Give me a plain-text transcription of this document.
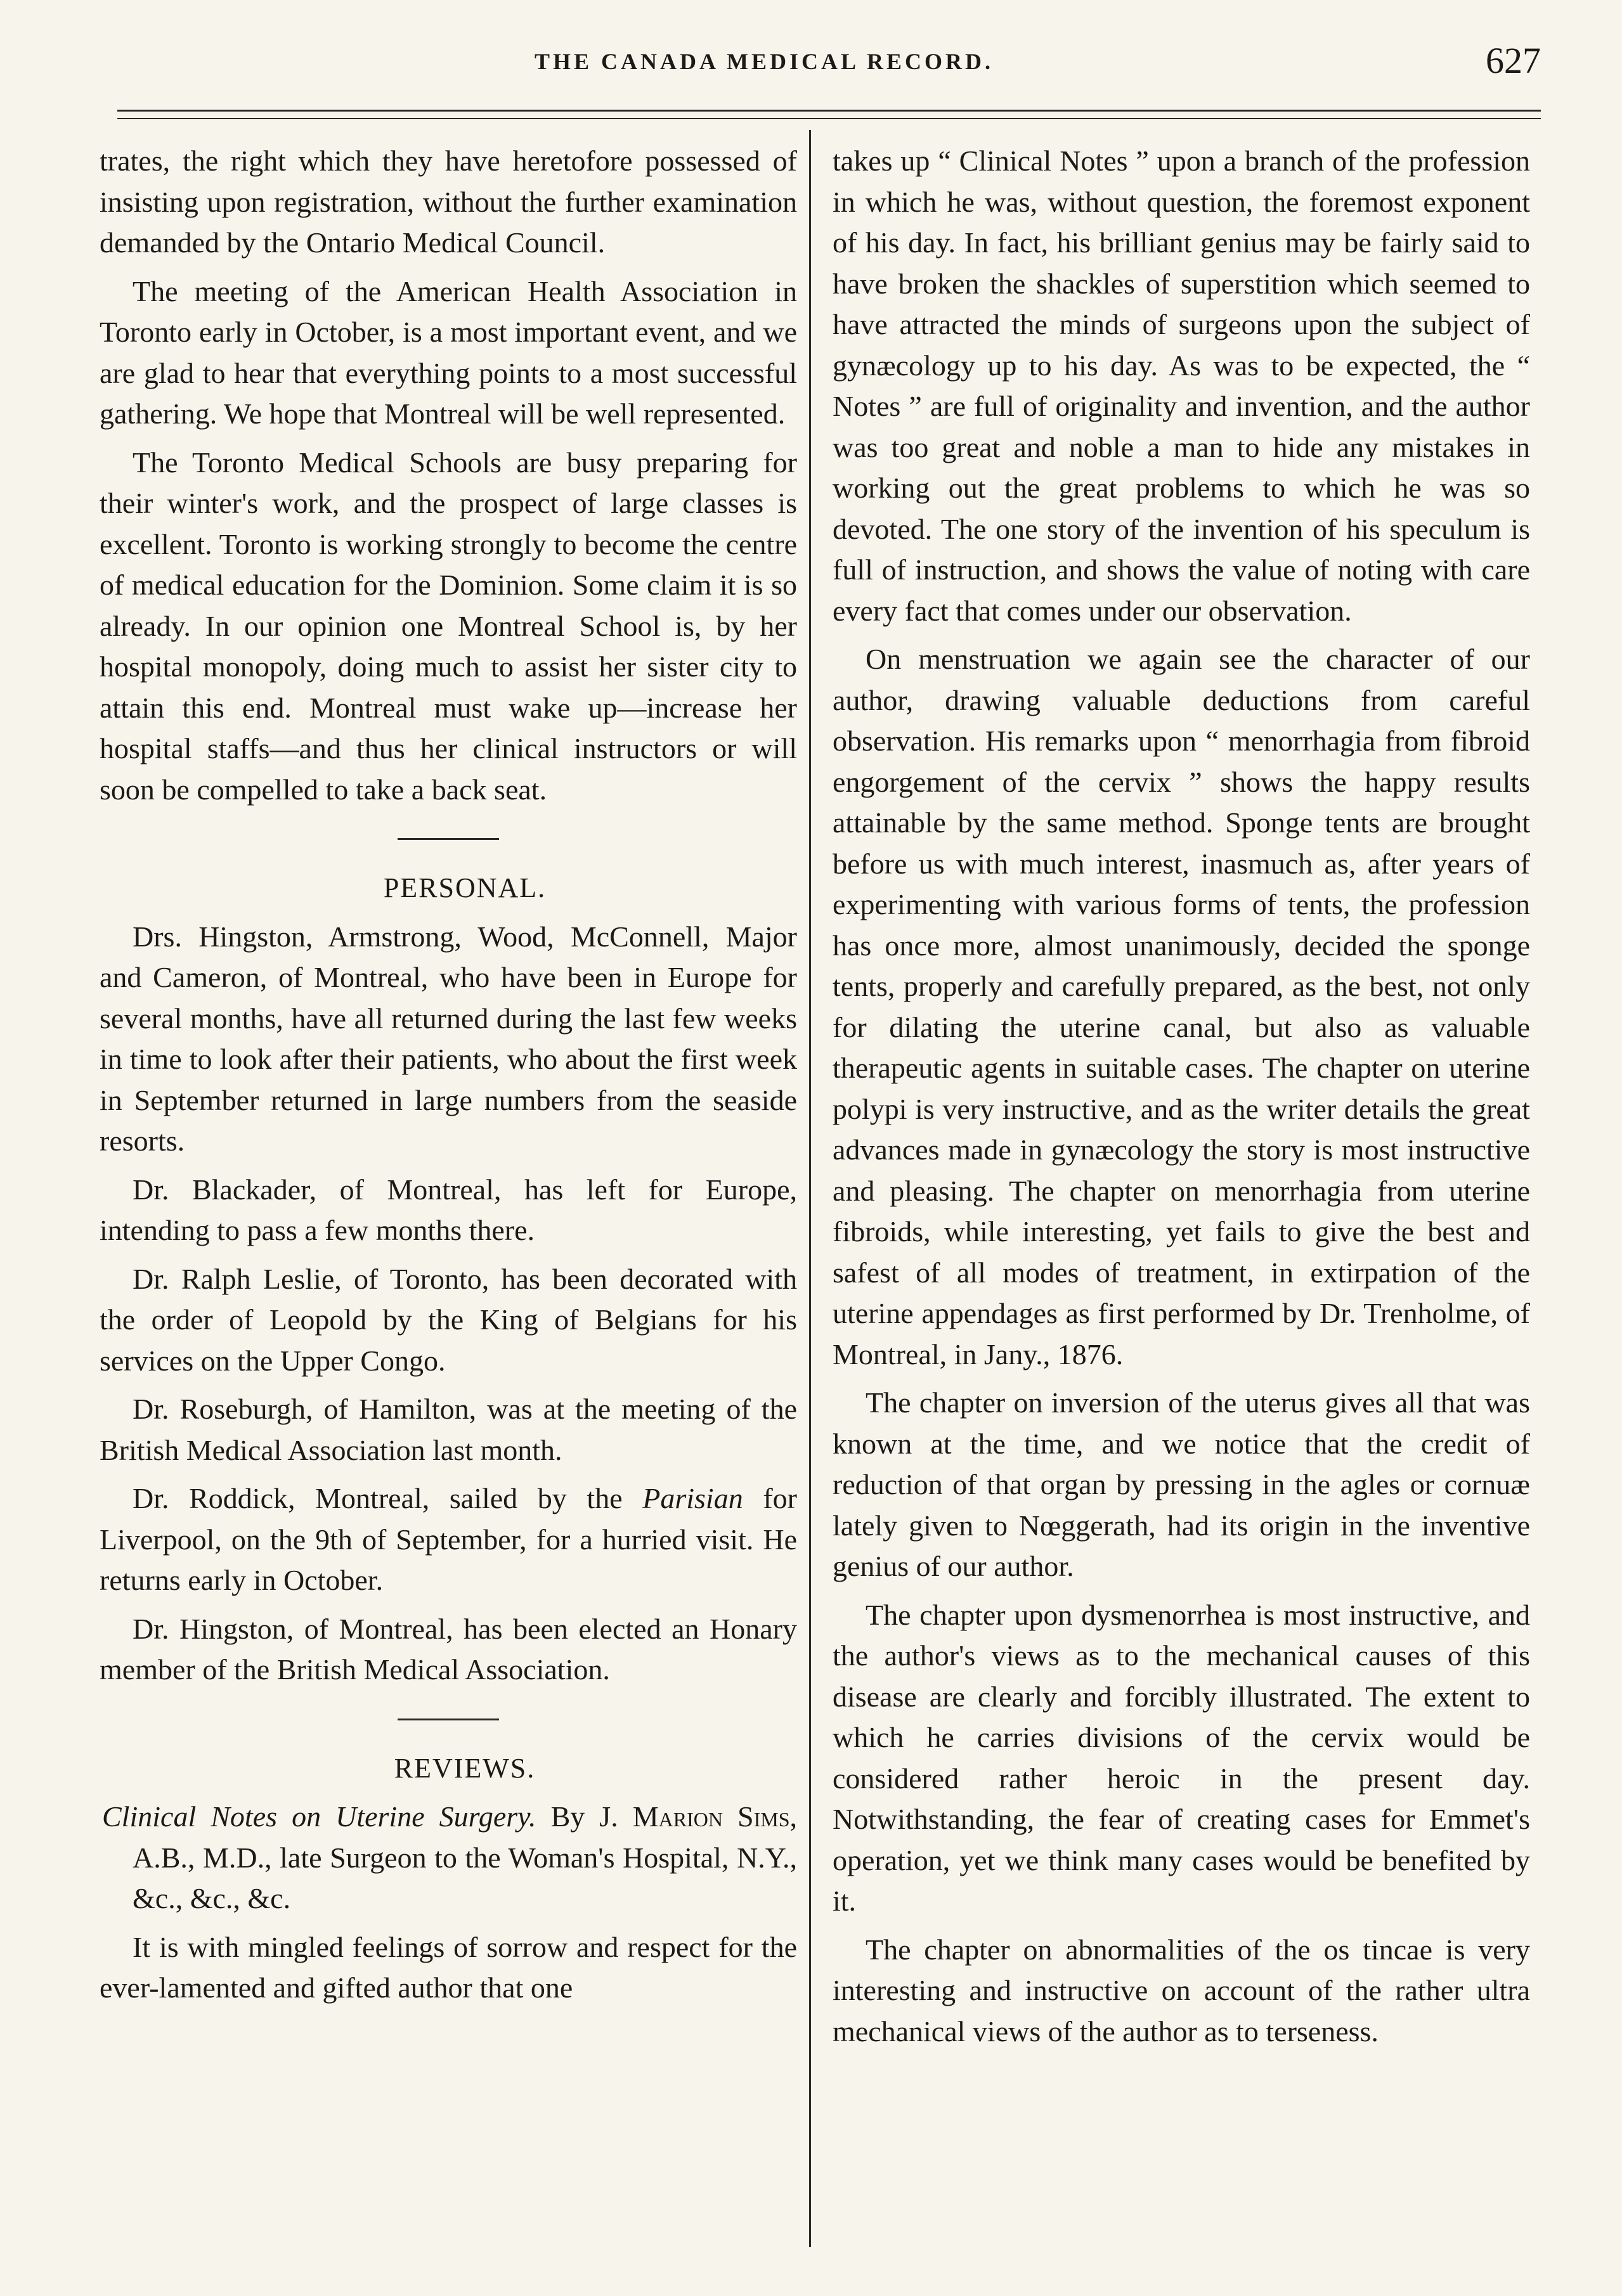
THE CANADA MEDICAL RECORD.	627

trates, the right which they have heretofore possessed of insisting upon registration, without the further examination demanded by the Ontario Medical Council.

The meeting of the American Health Association in Toronto early in October, is a most important event, and we are glad to hear that everything points to a most successful gathering. We hope that Montreal will be well represented.

The Toronto Medical Schools are busy preparing for their winter's work, and the prospect of large classes is excellent. Toronto is working strongly to become the centre of medical education for the Dominion. Some claim it is so already. In our opinion one Montreal School is, by her hospital monopoly, doing much to assist her sister city to attain this end. Montreal must wake up—increase her hospital staffs—and thus her clinical instructors or will soon be compelled to take a back seat.

PERSONAL.

Drs. Hingston, Armstrong, Wood, McConnell, Major and Cameron, of Montreal, who have been in Europe for several months, have all returned during the last few weeks in time to look after their patients, who about the first week in September returned in large numbers from the seaside resorts.

Dr. Blackader, of Montreal, has left for Europe, intending to pass a few months there.

Dr. Ralph Leslie, of Toronto, has been decorated with the order of Leopold by the King of Belgians for his services on the Upper Congo.

Dr. Roseburgh, of Hamilton, was at the meeting of the British Medical Association last month.

Dr. Roddick, Montreal, sailed by the Parisian for Liverpool, on the 9th of September, for a hurried visit. He returns early in October.

Dr. Hingston, of Montreal, has been elected an Honary member of the British Medical Association.

REVIEWS.

Clinical Notes on Uterine Surgery. By J. Marion Sims, A.B., M.D., late Surgeon to the Woman's Hospital, N.Y., &c., &c., &c.

It is with mingled feelings of sorrow and respect for the ever-lamented and gifted author that one

takes up “ Clinical Notes ” upon a branch of the profession in which he was, without question, the foremost exponent of his day. In fact, his brilliant genius may be fairly said to have broken the shackles of superstition which seemed to have attracted the minds of surgeons upon the subject of gynæcology up to his day. As was to be expected, the “ Notes ” are full of originality and invention, and the author was too great and noble a man to hide any mistakes in working out the great problems to which he was so devoted. The one story of the invention of his speculum is full of instruction, and shows the value of noting with care every fact that comes under our observation.

On menstruation we again see the character of our author, drawing valuable deductions from careful observation. His remarks upon “ menorrhagia from fibroid engorgement of the cervix ” shows the happy results attainable by the same method. Sponge tents are brought before us with much interest, inasmuch as, after years of experimenting with various forms of tents, the profession has once more, almost unanimously, decided the sponge tents, properly and carefully prepared, as the best, not only for dilating the uterine canal, but also as valuable therapeutic agents in suitable cases. The chapter on uterine polypi is very instructive, and as the writer details the great advances made in gynæcology the story is most instructive and pleasing. The chapter on menorrhagia from uterine fibroids, while interesting, yet fails to give the best and safest of all modes of treatment, in extirpation of the uterine appendages as first performed by Dr. Trenholme, of Montreal, in Jany., 1876.

The chapter on inversion of the uterus gives all that was known at the time, and we notice that the credit of reduction of that organ by pressing in the agles or cornuæ lately given to Nœggerath, had its origin in the inventive genius of our author.

The chapter upon dysmenorrhea is most instructive, and the author's views as to the mechanical causes of this disease are clearly and forcibly illustrated. The extent to which he carries divisions of the cervix would be considered rather heroic in the present day. Notwithstanding, the fear of creating cases for Emmet's operation, yet we think many cases would be benefited by it.

The chapter on abnormalities of the os tincae is very interesting and instructive on account of the rather ultra mechanical views of the author as to terseness.
